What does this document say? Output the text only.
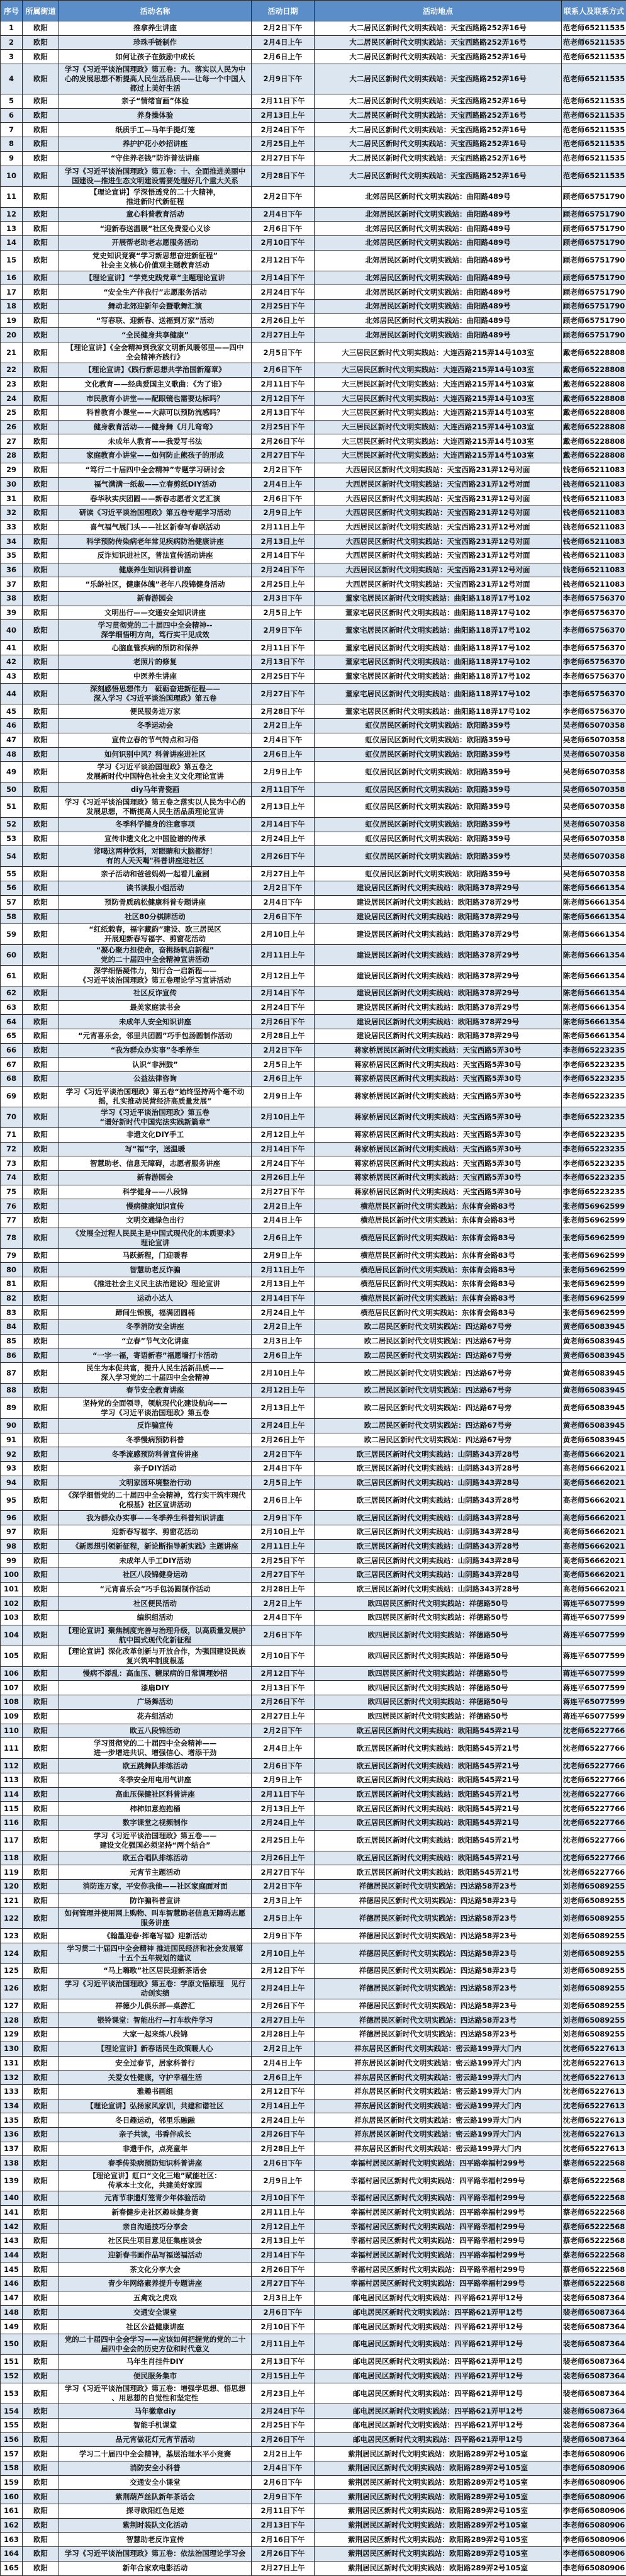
序号	所属街道	活动名称	活动日期	活动地点	联系人及联系方式
1	欧阳	推拿养生讲座	2月2日下午	大二居民区新时代文明实践站：天宝西路路252弄16号	范老师65211535
2	欧阳	珍珠手链制作	2月4日上午	大二居民区新时代文明实践站：天宝西路路252弄16号	范老师65211535
3	欧阳	如何让孩子在鼓励中成长	2月6日上午	大二居民区新时代文明实践站：天宝西路路252弄16号	范老师65211535
4	欧阳	学习《习近平谈治国理政》第五卷：九、落实以人民为中
心的发展思想不断提高人民生活品质——让每一个中国人
都过上美好生活	2月9日下午	大二居民区新时代文明实践站：天宝西路路252弄16号	范老师65211535
5	欧阳	亲子“情绪盲画”体验	2月11日下午	大二居民区新时代文明实践站：天宝西路路252弄16号	范老师65211535
6	欧阳	养身操体验	2月13日上午	大二居民区新时代文明实践站：天宝西路路252弄16号	范老师65211535
7	欧阳	纸质手工—马年手提灯笼	2月24日下午	大二居民区新时代文明实践站：天宝西路路252弄16号	范老师65211535
8	欧阳	养护护花小妙招讲座	2月25日上午	大二居民区新时代文明实践站：天宝西路路252弄16号	范老师65211535
9	欧阳	“守住养老钱”防诈普法讲座	2月27日下午	大二居民区新时代文明实践站：天宝西路路252弄16号	范老师65211535
10	欧阳	学习《习近平谈治国理政》第五卷：十、全面推进美丽中
国建设—推进生态文明建设需要处理好几个重大关系	2月28日下午	大二居民区新时代文明实践站：天宝西路路252弄16号	范老师65211535
11	欧阳	【理论宣讲】学深悟透党的二十大精神，
推进新时代新征程	2月2日下午	北郊居民区新时代文明实践站：曲阳路489号	顾老师65751790
12	欧阳	童心科普教育活动	2月4日下午	北郊居民区新时代文明实践站：曲阳路489号	顾老师65751790
13	欧阳	“迎新春送温暖”社区免费爱心义诊	2月6日下午	北郊居民区新时代文明实践站：曲阳路489号	顾老师65751790
14	欧阳	开展帮老助老志愿服务活动	2月10日下午	北郊居民区新时代文明实践站：曲阳路489号	顾老师65751790
15	欧阳	党史知识竞赛“学习新思想奋进新征程”
社会主义核心价值观主题教育活动	2月12日下午	北郊居民区新时代文明实践站：曲阳路489号	顾老师65751790
16	欧阳	【理论宣讲】“学党史践党章”主题理论宣讲	2月14日下午	北郊居民区新时代文明实践站：曲阳路489号	顾老师65751790
17	欧阳	“安全生产伴我行”志愿服务活动	2月24日下午	北郊居民区新时代文明实践站：曲阳路489号	顾老师65751790
18	欧阳	舞动北郊迎新年会暨歌舞汇演	2月25日下午	北郊居民区新时代文明实践站：曲阳路489号	顾老师65751790
19	欧阳	“写春联、迎新春、送福到万家”活动	2月26日上午	北郊居民区新时代文明实践站：曲阳路489号	顾老师65751790
20	欧阳	“全民健身共享健康”	2月27日上午	北郊居民区新时代文明实践站：曲阳路489号	顾老师65751790
21	欧阳	【理论宣讲】《全会精神到我家文明新风暖邻里——四中
全会精神齐践行》	2月5日下午	大三居民区新时代文明实践站：大连西路215弄14号103室	戴老师65228808
22	欧阳	【理论宣讲】《践行新思想共学治国新篇章》	2月6日下午	大三居民区新时代文明实践站：大连西路215弄14号103室	戴老师65228808
23	欧阳	文化教育——经典爱国主义歌曲：《为了谁》	2月11日下午	大三居民区新时代文明实践站：大连西路215弄14号103室	戴老师65228808
24	欧阳	市民教育小讲堂——配眼镜也需要达标吗？	2月12日下午	大三居民区新时代文明实践站：大连西路215弄14号103室	戴老师65228808
25	欧阳	科普教育小课堂——大蒜可以预防流感吗？	2月13日下午	大三居民区新时代文明实践站：大连西路215弄14号103室	戴老师65228808
26	欧阳	健身教育活动——健身舞《月儿弯弯》	2月25日下午	大三居民区新时代文明实践站：大连西路215弄14号103室	戴老师65228808
27	欧阳	未成年人教育——我爱写书法	2月26日下午	大三居民区新时代文明实践站：大连西路215弄14号103室	戴老师65228808
28	欧阳	家庭教育小讲堂——如何防止熊孩子的形成	2月27日下午	大三居民区新时代文明实践站：大连西路215弄14号103室	戴老师65228808
29	欧阳	“笃行二十届四中全会精神”专题学习研讨会	2月2日下午	大西居民区新时代文明实践站：天宝西路231弄12号对面	钱老师65211083
30	欧阳	福气满满一纸裁——立春剪纸DIY活动	2月4日上午	大西居民区新时代文明实践站：天宝西路231弄12号对面	钱老师65211083
31	欧阳	春华秋实庆团圆——新春志愿者文艺汇演	2月6日下午	大西居民区新时代文明实践站：天宝西路231弄12号对面	钱老师65211083
32	欧阳	研读《习近平谈治国理政》第五卷专题学习活动	2月9日上午	大西居民区新时代文明实践站：天宝西路231弄12号对面	钱老师65211083
33	欧阳	喜气福气展门头——社区新春写春联活动	2月11日上午	大西居民区新时代文明实践站：天宝西路231弄12号对面	钱老师65211083
34	欧阳	科学预防传染病老年常见疾病防治健康讲座	2月13日上午	大西居民区新时代文明实践站：天宝西路231弄12号对面	钱老师65211083
35	欧阳	反诈知识进社区，普法宣传活动讲座	2月14日下午	大西居民区新时代文明实践站：天宝西路231弄12号对面	钱老师65211083
36	欧阳	健康养生知识科普讲座	2月24日下午	大西居民区新时代文明实践站：天宝西路231弄12号对面	钱老师65211083
37	欧阳	“乐龄社区，健康体魄”老年八段锦健身活动	2月25日上午	大西居民区新时代文明实践站：天宝西路231弄12号对面	钱老师65211083
38	欧阳	新春游园会	2月3日下午	董家宅居民区新时代文明实践站：曲阳路118弄17号102	李老师65756370
39	欧阳	文明出行——交通安全知识讲座	2月5日上午	董家宅居民区新时代文明实践站：曲阳路118弄17号102	李老师65756370
40	欧阳	学习贯彻党的二十届四中全会精神--
深学细悟明方向，笃行实干见成效	2月9日下午	董家宅居民区新时代文明实践站：曲阳路118弄17号102	李老师65756370
41	欧阳	心脑血管疾病的预防和保养	2月11日下午	董家宅居民区新时代文明实践站：曲阳路118弄17号102	李老师65756370
42	欧阳	老照片的修复	2月13日下午	董家宅居民区新时代文明实践站：曲阳路118弄17号102	李老师65756370
43	欧阳	中医养生讲座	2月25日下午	董家宅居民区新时代文明实践站：曲阳路118弄17号102	李老师65756370
44	欧阳	深刻感悟思想伟力　砥砺奋进新征程——
深入学习《习近平谈治国理政》第五卷	2月27日下午	董家宅居民区新时代文明实践站：曲阳路118弄17号102	李老师65756370
45	欧阳	便民服务进万家	2月28日下午	董家宅居民区新时代文明实践站：曲阳路118弄17号102	李老师65756370
46	欧阳	冬季运动会	2月2日上午	虹仪居民区新时代文明实践站：欧阳路359号	吴老师65070358
47	欧阳	宣传立春的节气特点和习俗	2月4日下午	虹仪居民区新时代文明实践站：欧阳路359号	吴老师65070358
48	欧阳	如何识别中风？科普讲座进社区	2月6日上午	虹仪居民区新时代文明实践站：欧阳路359号	吴老师65070358
49	欧阳	学习《习近平谈治国理政》第五卷之
发展新时代中国特色社会主义文化理论宣讲	2月9日上午	虹仪居民区新时代文明实践站：欧阳路359号	吴老师65070358
50	欧阳	diy马年青瓷画	2月11日下午	虹仪居民区新时代文明实践站：欧阳路359号	吴老师65070358
51	欧阳	学习《习近平谈治国理政》第五卷之落实以人民为中心的
发展思想，不断提高人民生活品质理论宣讲	2月13日上午	虹仪居民区新时代文明实践站：欧阳路359号	吴老师65070358
52	欧阳	冬季科学健身的注意事项	2月14日下午	虹仪居民区新时代文明实践站：欧阳路359号	吴老师65070358
53	欧阳	宣传非遗文化之中国脸谱的传承	2月24日上午	虹仪居民区新时代文明实践站：欧阳路359号	吴老师65070358
54	欧阳	常喝这两种饮料，对眼睛和大脑都好！
有的人天天喝"科普讲座进社区	2月26日下午	虹仪居民区新时代文明实践站：欧阳路359号	吴老师65070358
55	欧阳	亲子活动和爸爸妈妈一起看儿童剧	2月27日上午	虹仪居民区新时代文明实践站：欧阳路359号	吴老师65070358
56	欧阳	读书读报小组活动	2月2日下午	建设居民区新时代文明实践站：欧阳路378弄29号	陈老师56661354
57	欧阳	预防骨质疏松健康科普专题讲座	2月4日下午	建设居民区新时代文明实践站：欧阳路378弄29号	陈老师56661354
58	欧阳	社区80分棋牌活动	2月6日下午	建设居民区新时代文明实践站：欧阳路378弄29号	陈老师56661354
59	欧阳	“红纸载春，福字藏韵”建设、欧三居民区
开展迎新春写福字、剪窗花活动	2月10日上午	建设居民区新时代文明实践站：欧阳路378弄29号	陈老师56661354
60	欧阳	“凝心聚力担使命，奋楫扬帆启新程”
党的二十届四中全会精神宣讲活动	2月11日上午	建设居民区新时代文明实践站：欧阳路378弄29号	陈老师56661354
61	欧阳	深学细悟凝伟力，知行合一启新程——
《习近平谈治国理政》第五卷理论学习宣讲活动	2月12日上午	建设居民区新时代文明实践站：欧阳路378弄29号	陈老师56661354
62	欧阳	社区反诈宣传	2月14日下午	建设居民区新时代文明实践站：欧阳路378弄29号	陈老师56661354
63	欧阳	最美家庭读书会	2月24日下午	建设居民区新时代文明实践站：欧阳路378弄29号	陈老师56661354
64	欧阳	未成年人安全知识讲座	2月26日下午	建设居民区新时代文明实践站：欧阳路378弄29号	陈老师56661354
65	欧阳	“元宵喜乐会，邻里共团圆”巧手包汤圆制作活动	2月28日上午	建设居民区新时代文明实践站：欧阳路378弄29号	陈老师56661354
66	欧阳	“我为群众办实事”冬季养生	2月2日下午	蒋家桥居民区新时代文明实践站：天宝西路5弄30号	李老师65223235
67	欧阳	认识“非洲鼓”	2月5日上午	蒋家桥居民区新时代文明实践站：天宝西路5弄30号	李老师65223235
68	欧阳	公益法律咨询	2月6日上午	蒋家桥居民区新时代文明实践站：天宝西路5弄30号	李老师65223235
69	欧阳	学习《习近平谈治国理政》第五卷“始终坚持两个毫不动
摇，扎实推动民营经济高质量发展”	2月9日上午	蒋家桥居民区新时代文明实践站：天宝西路5弄30号	李老师65223235
70	欧阳	学习《习近平谈治国理政》第五卷
“谱好新时代中国宪法实践新篇章”	2月10日上午	蒋家桥居民区新时代文明实践站：天宝西路5弄30号	李老师65223235
71	欧阳	非遗文化DIY手工	2月12日上午	蒋家桥居民区新时代文明实践站：天宝西路5弄30号	李老师65223235
72	欧阳	写“福”字，送温暖	2月14日下午	蒋家桥居民区新时代文明实践站：天宝西路5弄30号	李老师65223235
73	欧阳	智慧助老、信息无障碍，志愿者服务讲座	2月24日下午	蒋家桥居民区新时代文明实践站：天宝西路5弄30号	李老师65223235
74	欧阳	新春游园会	2月26日上午	蒋家桥居民区新时代文明实践站：天宝西路5弄30号	李老师65223235
75	欧阳	科学健身——八段锦	2月27日下午	蒋家桥居民区新时代文明实践站：天宝西路5弄30号	李老师65223235
76	欧阳	慢病健康知识宣传	2月2日上午	横范居民区新时代文明实践站：东体育会路83号	张老师56962599
77	欧阳	文明交通绿色出行	2月4日上午	横范居民区新时代文明实践站：东体育会路83号	张老师56962599
78	欧阳	《发展全过程人民民主是中国式现代化的本质要求》
理论宣讲	2月6日上午	横范居民区新时代文明实践站：东体育会路83号	张老师56962599
79	欧阳	马跃新程，门迎暖春	2月9日上午	横范居民区新时代文明实践站：东体育会路83号	张老师56962599
80	欧阳	智慧助老反诈骗	2月11日上午	横范居民区新时代文明实践站：东体育会路83号	张老师56962599
81	欧阳	《推进社会主义民主法治建设》理论宣讲	2月13日上午	横范居民区新时代文明实践站：东体育会路83号	张老师56962599
82	欧阳	运动小达人	2月14日下午	横范居民区新时代文明实践站：东体育会路83号	张老师56962599
83	欧阳	蹄间生锦簇，福满团圆桶	2月24日上午	横范居民区新时代文明实践站：东体育会路83号	张老师56962599
84	欧阳	冬季消防安全讲座	2月2日上午	欧二居民区新时代文明实践站：四达路67号旁	黄老师65083945
85	欧阳	“立春”节气文化讲座	2月3日上午	欧二居民区新时代文明实践站：四达路67号旁	黄老师65083945
86	欧阳	“一字一福，寄语新春”福愿墙打卡活动	2月6日上午	欧二居民区新时代文明实践站：四达路67号旁	黄老师65083945
87	欧阳	民生为本促共富，提升人民生活新品质——
深入学习党的二十届四中全会精神	2月10日上午	欧二居民区新时代文明实践站：四达路67号旁	黄老师65083945
88	欧阳	春节安全教育讲座	2月12日上午	欧二居民区新时代文明实践站：四达路67号旁	黄老师65083945
89	欧阳	坚持党的全面领导，领航现代化建设航向——
学习《习近平谈治国理政》第五卷	2月13日上午	欧二居民区新时代文明实践站：四达路67号旁	黄老师65083945
90	欧阳	反诈骗宣传	2月24日上午	欧二居民区新时代文明实践站：四达路67号旁	黄老师65083945
91	欧阳	冬季慢病预防科普	2月26日上午	欧二居民区新时代文明实践站：四达路67号旁	黄老师65083945
92	欧阳	冬季流感预防科普宣传讲座	2月2日下午	欧三居民区新时代文明实践站：山阴路343弄28号	高老师56662021
93	欧阳	亲子DIY活动	2月4日下午	欧三居民区新时代文明实践站：山阴路343弄28号	高老师56662021
94	欧阳	文明家园环境整治行动	2月5日上午	欧三居民区新时代文明实践站：山阴路343弄28号	高老师56662021
95	欧阳	《深学细悟党的二十届四中全会精神，笃行实干筑牢现代
化根基》社区宣讲活动	2月6日上午	欧三居民区新时代文明实践站：山阴路343弄28号	高老师56662021
96	欧阳	我为群众办实事——冬季养生科普知识讲座	2月9日下午	欧三居民区新时代文明实践站：山阴路343弄28号	高老师56662021
97	欧阳	迎新春写福字、剪窗花活动	2月10日上午	欧三居民区新时代文明实践站：山阴路343弄28号	高老师56662021
98	欧阳	《新思想引领新征程，新论断指导新实践》主题讲座	2月11日上午	欧三居民区新时代文明实践站：山阴路343弄28号	高老师56662021
99	欧阳	未成年人手工DIY活动	2月25日下午	欧三居民区新时代文明实践站：山阴路343弄28号	高老师56662021
100	欧阳	社区八段锦健身运动	2月27日下午	欧三居民区新时代文明实践站：山阴路343弄28号	高老师56662021
101	欧阳	“元宵喜乐会”巧手包汤圆制作活动	2月28日上午	欧三居民区新时代文明实践站：山阴路343弄28号	高老师56662021
102	欧阳	社区便民活动	2月2日上午	欧四居民区新时代文明实践站：祥德路50号	蒋连平65077599
103	欧阳	编织组活动	2月4日下午	欧四居民区新时代文明实践站：祥德路50号	蒋连平65077599
104	欧阳	【理论宣讲】聚焦制度完善与治理升级，以高质量发展护
航中国式现代化新征程	2月6日下午	欧四居民区新时代文明实践站：祥德路50号	蒋连平65077599
105	欧阳	【理论宣讲】深化改革创新与开放合作，为强国建设民族
复兴筑牢制度根基	2月10日下午	欧四居民区新时代文明实践站：祥德路50号	蒋连平65077599
106	欧阳	慢病不添乱：高血压、糖尿病的日常调理妙招	2月12日下午	欧四居民区新时代文明实践站：祥德路50号	蒋连平65077599
107	欧阳	漆扇DIY	2月13日下午	欧四居民区新时代文明实践站：祥德路50号	蒋连平65077599
108	欧阳	广场舞活动	2月26日下午	欧四居民区新时代文明实践站：祥德路50号	蒋连平65077599
109	欧阳	花卉组活动	2月27日上午	欧四居民区新时代文明实践站：祥德路50号	蒋连平65077599
110	欧阳	欧五八段锦活动	2月2日下午	欧五居民区新时代文明实践站：欧阳路545弄21号	沈老师65227766
111	欧阳	学习贯彻党的二十届四中全会精神——
进一步增进共识、增强信心、增添干劲	2月4日上午	欧五居民区新时代文明实践站：欧阳路545弄21号	沈老师65227766
112	欧阳	欧五跳舞队排练活动	2月6日下午	欧五居民区新时代文明实践站：欧阳路545弄21号	沈老师65227766
113	欧阳	冬季安全用电用气讲座	2月9日上午	欧五居民区新时代文明实践站：欧阳路545弄21号	沈老师65227766
114	欧阳	高血压保健社区科普讲座	2月11日下午	欧五居民区新时代文明实践站：欧阳路545弄21号	沈老师65227766
115	欧阳	柿柿如意抱抱桶	2月13日上午	欧五居民区新时代文明实践站：欧阳路545弄21号	沈老师65227766
116	欧阳	数字课堂之视频制作	2月24日上午	欧五居民区新时代文明实践站：欧阳路545弄21号	沈老师65227766
117	欧阳	学习《习近平谈治国理政》第五卷——
建设文化强国必须坚持“两个结合”	2月25日上午	欧五居民区新时代文明实践站：欧阳路545弄21号	沈老师65227766
118	欧阳	欧五合唱队排练活动	2月26日上午	欧五居民区新时代文明实践站：欧阳路545弄21号	沈老师65227766
119	欧阳	元宵节主题活动	2月27日下午	欧五居民区新时代文明实践站：欧阳路545弄21号	沈老师65227766
120	欧阳	消防连万家，平安你我他——社区家庭面对面	2月2日下午	祥德居民区新时代文明实践站：四达路58弄23号	刘老师65089255
121	欧阳	防诈骗科普宣讲	2月3日上午	祥德居民区新时代文明实践站：四达路58弄23号	刘老师65089255
122	欧阳	如何管理并使用网上购物、叫车智慧助老信息无障碍志愿
服务讲座	2月5日上午	祥德居民区新时代文明实践站：四达路58弄23号	刘老师65089255
123	欧阳	《翰墨迎春·挥毫写福》迎新活动	2月9日下午	祥德居民区新时代文明实践站：四达路58弄23号	刘老师65089255
124	欧阳	学习贯二十届四中全会精神 推进国民经济和社会发展第
十五个五年规划的建议	2月10日上午	祥德居民区新时代文明实践站：四达路58弄23号	刘老师65089255
125	欧阳	“马上嗨歌”社区居民迎新茶话会	2月12日下午	祥德居民区新时代文明实践站：四达路58弄23号	刘老师65089255
126	欧阳	学习《习近平谈治国理政》第五卷：学原文悟原理　见行
动创实绩	2月24日上午	祥德居民区新时代文明实践站：四达路58弄23号	刘老师65089255
127	欧阳	祥德少儿俱乐部—桌游汇	2月26日下午	祥德居民区新时代文明实践站：四达路58弄23号	刘老师65089255
128	欧阳	银铃课堂：智能出行—打车软件学习	2月27日上午	祥德居民区新时代文明实践站：四达路58弄23号	刘老师65089255
129	欧阳	大家一起来练八段锦	2月28日上午	祥德居民区新时代文明实践站：四达路58弄23号	刘老师65089255
130	欧阳	【理论宣讲】新春话民生政策暖人心	2月2日上午	祥东居民区新时代文明实践站：密云路199弄大门内	沈老师65227613
131	欧阳	安全过春节，居家科普行	2月4日上午	祥东居民区新时代文明实践站：密云路199弄大门内	沈老师65227613
132	欧阳	关爱女性健康，守护幸福生活	2月6日上午	祥东居民区新时代文明实践站：密云路199弄大门内	沈老师65227613
133	欧阳	雅趣书画组	2月12日下午	祥东居民区新时代文明实践站：密云路199弄大门内	沈老师65227613
134	欧阳	【理论宣讲】弘扬家风家训，共建和谐社区	2月14日上午	祥东居民区新时代文明实践站：密云路199弄大门内	沈老师65227613
135	欧阳	冬日趣运动，邻里乐融融	2月24日上午	祥东居民区新时代文明实践站：密云路199弄大门内	沈老师65227613
136	欧阳	亲子共读，书香伴成长	2月26日下午	祥东居民区新时代文明实践站：密云路199弄大门内	沈老师65227613
137	欧阳	非遗手作，点亮童年	2月28日上午	祥东居民区新时代文明实践站：密云路199弄大门内	沈老师65227613
138	欧阳	春季传染病预防知识科普讲座	2月6日下午	幸福村居民区新时代文明实践站：四平路幸福村299号	蔡老师65222568
139	欧阳	【理论宣讲】虹口“文化三地”赋能社区：
传承本土文化，共建美好家园	2月9日上午	幸福村居民区新时代文明实践站：四平路幸福村299号	蔡老师65222568
140	欧阳	元宵节非遗灯笼青少年体验活动	2月10日下午	幸福村居民区新时代文明实践站：四平路幸福村299号	蔡老师65222568
141	欧阳	新春健步走社区趣味健身赛	2月11日上午	幸福村居民区新时代文明实践站：四平路幸福村299号	蔡老师65222568
142	欧阳	亲自沟通技巧分享会	2月12日上午	幸福村居民区新时代文明实践站：四平路幸福村299号	蔡老师65222568
143	欧阳	社区民生项目意见征集座谈会	2月13日上午	幸福村居民区新时代文明实践站：四平路幸福村299号	蔡老师65222568
144	欧阳	迎新春书画作品写福送福活动	2月14日下午	幸福村居民区新时代文明实践站：四平路幸福村299号	蔡老师65222568
145	欧阳	茶文化分享大会	2月26日下午	幸福村居民区新时代文明实践站：四平路幸福村299号	蔡老师65222568
146	欧阳	青少年网络素养提升专题讲座	2月27日下午	幸福村居民区新时代文明实践站：四平路幸福村299号	蔡老师65222568
147	欧阳	五禽戏之虎戏	2月3日上午	邮电居民区新时代文明实践站：四平路621弄甲12号	裴老师65087364
148	欧阳	交通安全课堂	2月6日下午	邮电居民区新时代文明实践站：四平路621弄甲12号	裴老师65087364
149	欧阳	社区公益健康讲座	2月10日下午	邮电居民区新时代文明实践站：四平路621弄甲12号	裴老师65087364
150	欧阳	党的二十届四中全会学习——应该如何把握党的党的二十
届四中全会的历史方位和时代意义	2月11日上午	邮电居民区新时代文明实践站：四平路621弄甲12号	裴老师65087364
151	欧阳	马年生肖挂件DIY	2月13日下午	邮电居民区新时代文明实践站：四平路621弄甲12号	裴老师65087364
152	欧阳	便民服务集市	2月15日上午	邮电居民区新时代文明实践站：四平路621弄甲12号	裴老师65087364
153	欧阳	学习《习近平谈治国理政》第五卷：增强学思想、悟思想
、用思想的自觉性和坚定性	2月23日上午	邮电居民区新时代文明实践站：四平路621弄甲12号	裴老师65087364
154	欧阳	马年徽章diy	2月24日下午	邮电居民区新时代文明实践站：四平路621弄甲12号	裴老师65087364
155	欧阳	智能手机课堂	2月25日下午	邮电居民区新时代文明实践站：四平路621弄甲12号	裴老师65087364
156	欧阳	品元宵做花灯元宵节活动	2月26日下午	邮电居民区新时代文明实践站：四平路621弄甲12号	裴老师65087364
157	欧阳	学习二十届四中全会精神，基层治理水平小竞赛	2月2日上午	紫荆居民区新时代文明实践站：欧阳路289弄2号105室	李老师65080906
158	欧阳	消防安全小科普	2月4日下午	紫荆居民区新时代文明实践站：欧阳路289弄2号105室	李老师65080906
159	欧阳	交通安全小课堂	2月6日下午	紫荆居民区新时代文明实践站：欧阳路289弄2号105室	李老师65080906
160	欧阳	紫荆葫芦丝队新年茶话会	2月9日下午	紫荆居民区新时代文明实践站：欧阳路289弄2号105室	李老师65080906
161	欧阳	探寻欧阳红色足迹	2月11日下午	紫荆居民区新时代文明实践站：欧阳路289弄2号105室	李老师65080906
162	欧阳	紫荆时装队文化活动	2月13日下午	紫荆居民区新时代文明实践站：欧阳路289弄2号105室	李老师65080906
163	欧阳	智慧助老反诈宣传	2月16日下午	紫荆居民区新时代文明实践站：欧阳路289弄2号105室	李老师65080906
164	欧阳	学习《习近平谈治国理政》第五卷：依法治国理论学习会	2月26日下午	紫荆居民区新时代文明实践站：欧阳路289弄2号105室	李老师65080906
165	欧阳	新年合家欢电影活动	2月27日上午	紫荆居民区新时代文明实践站：欧阳路289弄2号105室	李老师65080906
